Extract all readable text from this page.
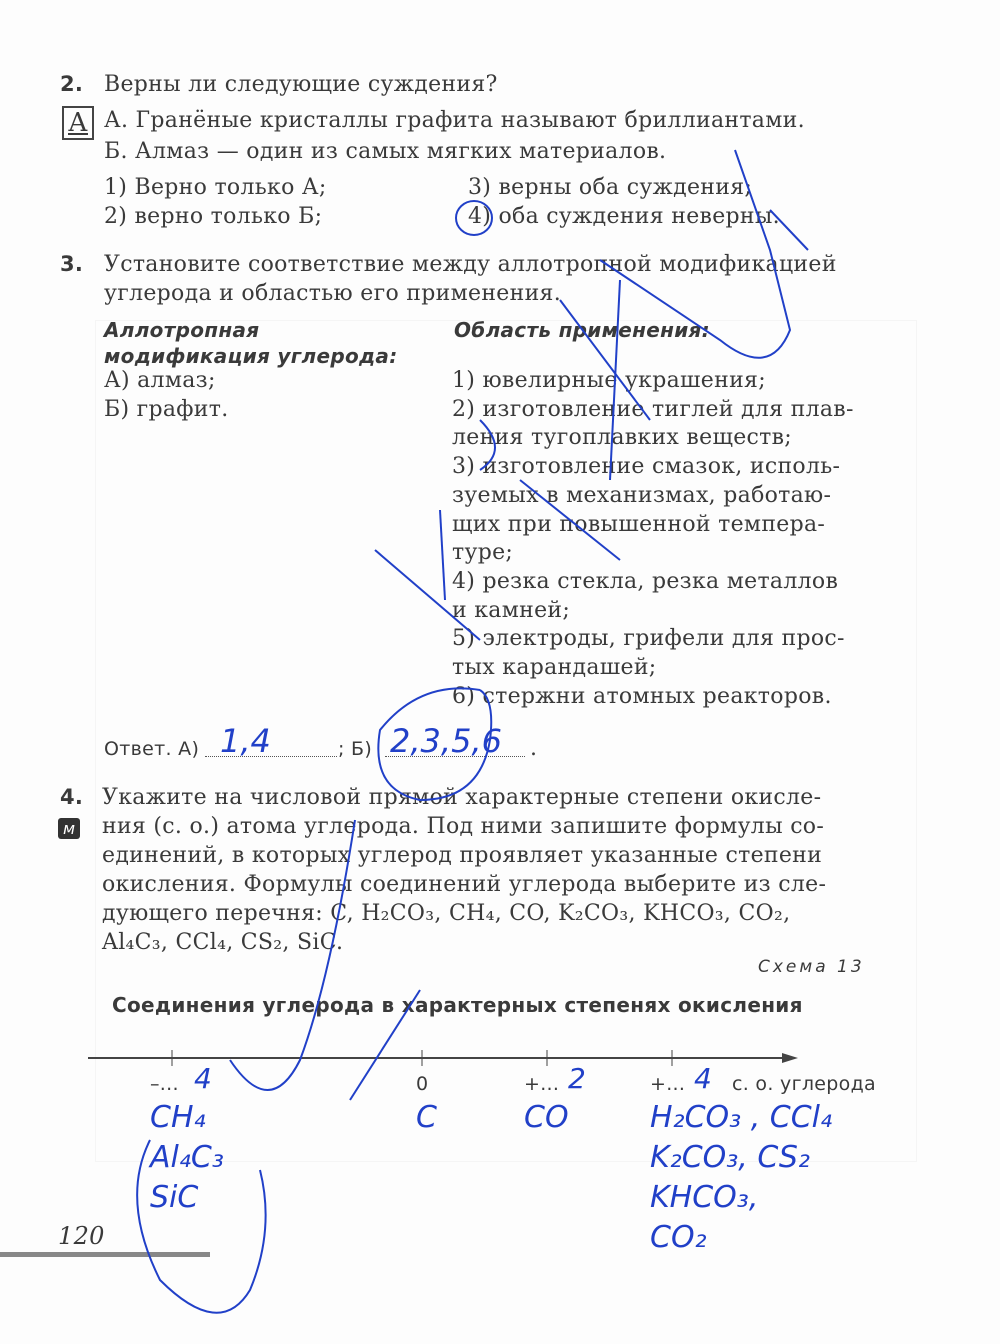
2. Верны ли следующие суждения?
А А. Гранёные кристаллы графита называют бриллиантами.
Б. Алмаз — один из самых мягких материалов.
1) Верно только А;
2) верно только Б;
3) верны оба суждения;
4) оба суждения неверны.
3. Установите соответствие между аллотропной модификацией
углерода и областью его применения.
Аллотропная
модификация углерода:
Область применения:
А) алмаз;
Б) графит.
1) ювелирные украшения;
2) изготовление тиглей для плав-
ления тугоплавких веществ;
3) изготовление смазок, исполь-
зуемых в механизмах, работаю-
щих при повышенной темпера-
туре;
4) резка стекла, резка металлов
и камней;
5) электроды, грифели для прос-
тых карандашей;
6) стержни атомных реакторов.
Ответ. А) 1,4	; Б) 2,3,5,6 .
4.
м
Укажите на числовой прямой характерные степени окисле-
ния (с. о.) атома углерода. Под ними запишите формулы со-
единений, в которых углерод проявляет указанные степени
окисления. Формулы соединений углерода выберите из сле-
дующего перечня: C, H₂CO₃, CH₄, CO, K₂CO₃, KHCO₃, CO₂,
Al₄C₃, CCl₄, CS₂, SiC.
Схема 13
Соединения углерода в характерных степенях окисления
–... 4
CH₄
Al₄C₃
SiC
0
C
+... 2
CO
+... 4
H₂CO₃ , CCl₄
K₂CO₃, CS₂
KHCO₃,
CO₂
с. о. углерода
120
